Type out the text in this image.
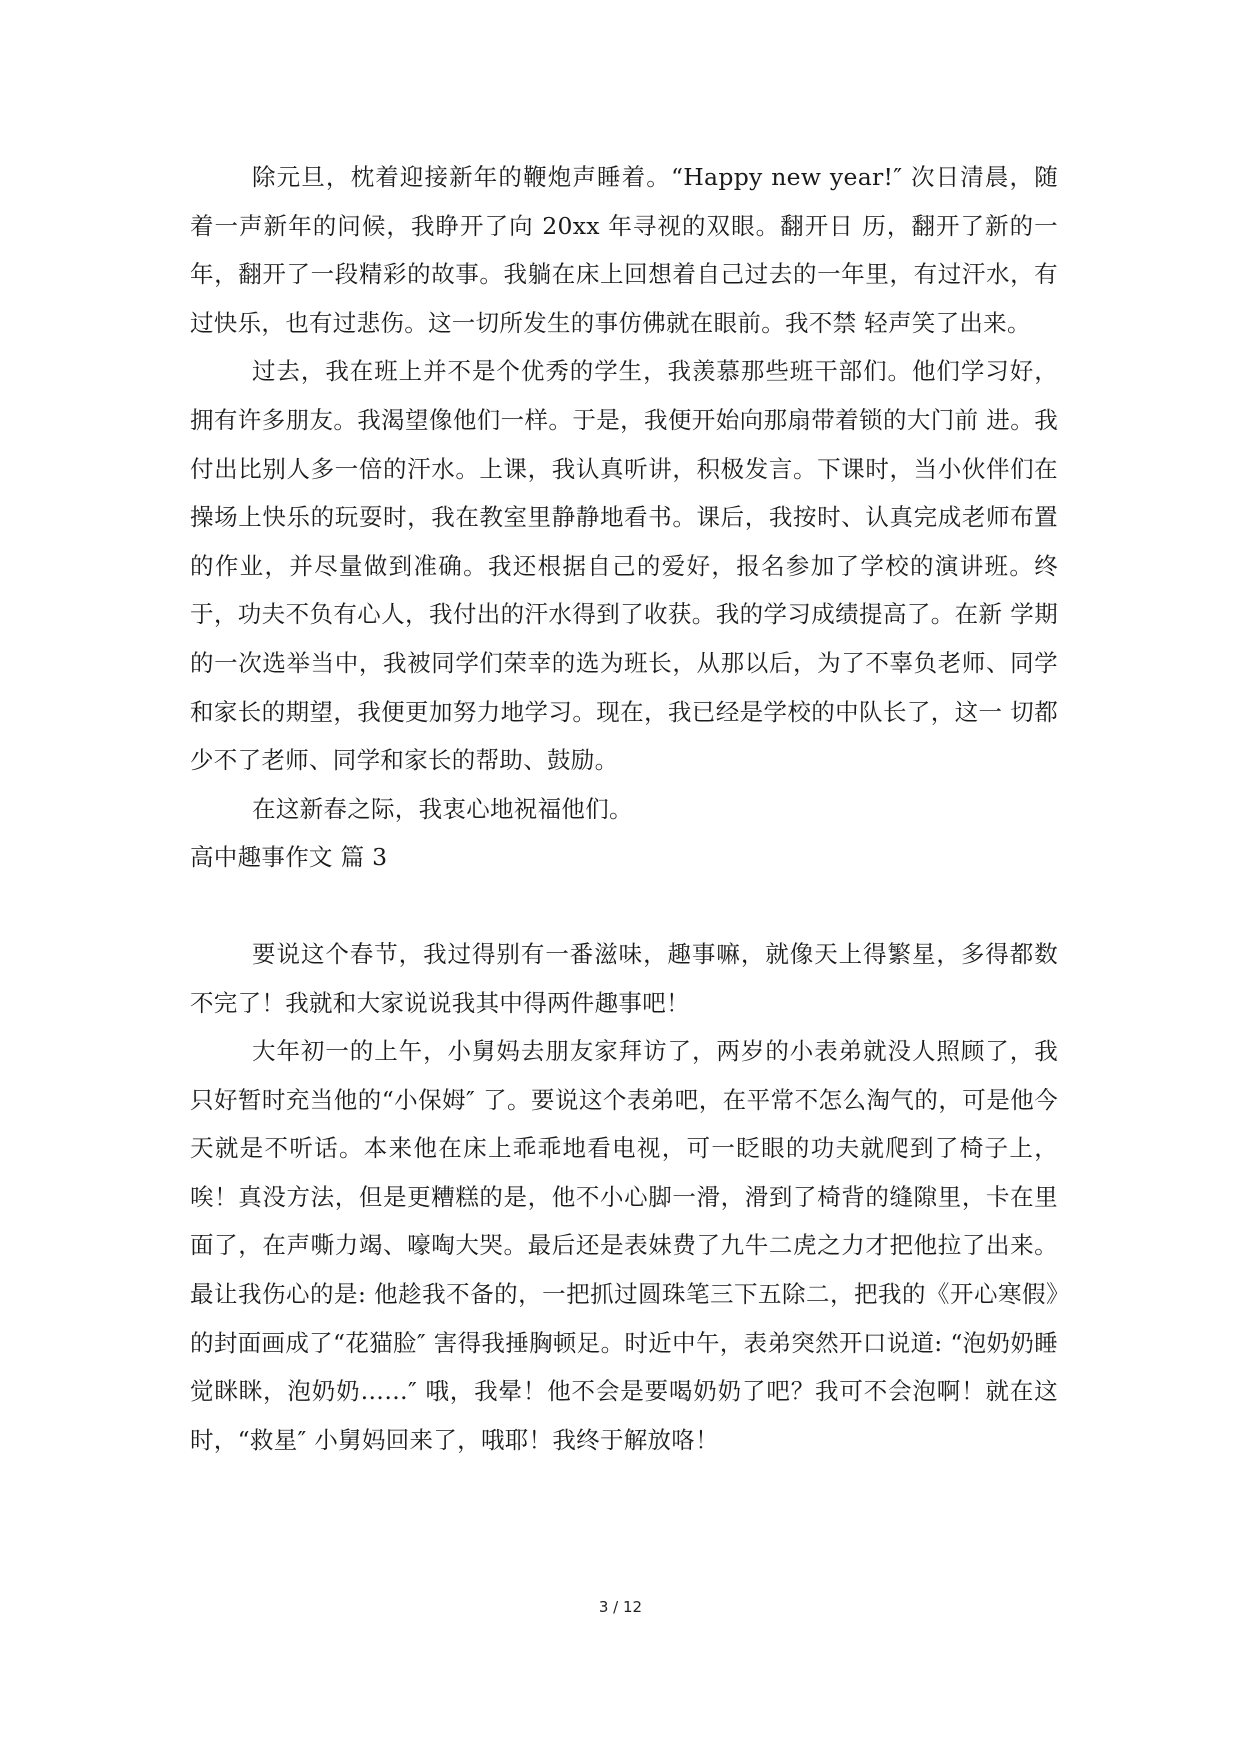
除元旦，枕着迎接新年的鞭炮声睡着。“Happy new year!″ 次日清晨，随着一声新年的问候，我睁开了向 20xx 年寻视的双眼。翻开日 历，翻开了新的一年，翻开了一段精彩的故事。我躺在床上回想着自己过去的一年里，有过汗水，有过快乐，也有过悲伤。这一切所发生的事仿佛就在眼前。我不禁 轻声笑了出来。

过去，我在班上并不是个优秀的学生，我羡慕那些班干部们。他们学习好，拥有许多朋友。我渴望像他们一样。于是，我便开始向那扇带着锁的大门前 进。我付出比别人多一倍的汗水。上课，我认真听讲，积极发言。下课时，当小伙伴们在操场上快乐的玩耍时，我在教室里静静地看书。课后，我按时、认真完成老师布置的作业，并尽量做到准确。我还根据自己的爱好，报名参加了学校的演讲班。终于，功夫不负有心人，我付出的汗水得到了收获。我的学习成绩提高了。在新 学期的一次选举当中，我被同学们荣幸的选为班长，从那以后，为了不辜负老师、同学和家长的期望，我便更加努力地学习。现在，我已经是学校的中队长了，这一 切都少不了老师、同学和家长的帮助、鼓励。

在这新春之际，我衷心地祝福他们。

高中趣事作文 篇 3

要说这个春节，我过得别有一番滋味，趣事嘛，就像天上得繁星，多得都数不完了！我就和大家说说我其中得两件趣事吧！

大年初一的上午，小舅妈去朋友家拜访了，两岁的小表弟就没人照顾了，我只好暂时充当他的“小保姆″ 了。要说这个表弟吧，在平常不怎么淘气的，可是他今天就是不听话。本来他在床上乖乖地看电视，可一眨眼的功夫就爬到了椅子上，唉！真没方法，但是更糟糕的是，他不小心脚一滑，滑到了椅背的缝隙里，卡在里面了，在声嘶力竭、嚎啕大哭。最后还是表妹费了九牛二虎之力才把他拉了出来。最让我伤心的是: 他趁我不备的，一把抓过圆珠笔三下五除二，把我的《开心寒假》的封面画成了“花猫脸″ 害得我捶胸顿足。时近中午，表弟突然开口说道: “泡奶奶睡觉眯眯，泡奶奶……″ 哦，我晕！他不会是要喝奶奶了吧？我可不会泡啊！就在这时，“救星″ 小舅妈回来了，哦耶！我终于解放咯！

3 / 12
